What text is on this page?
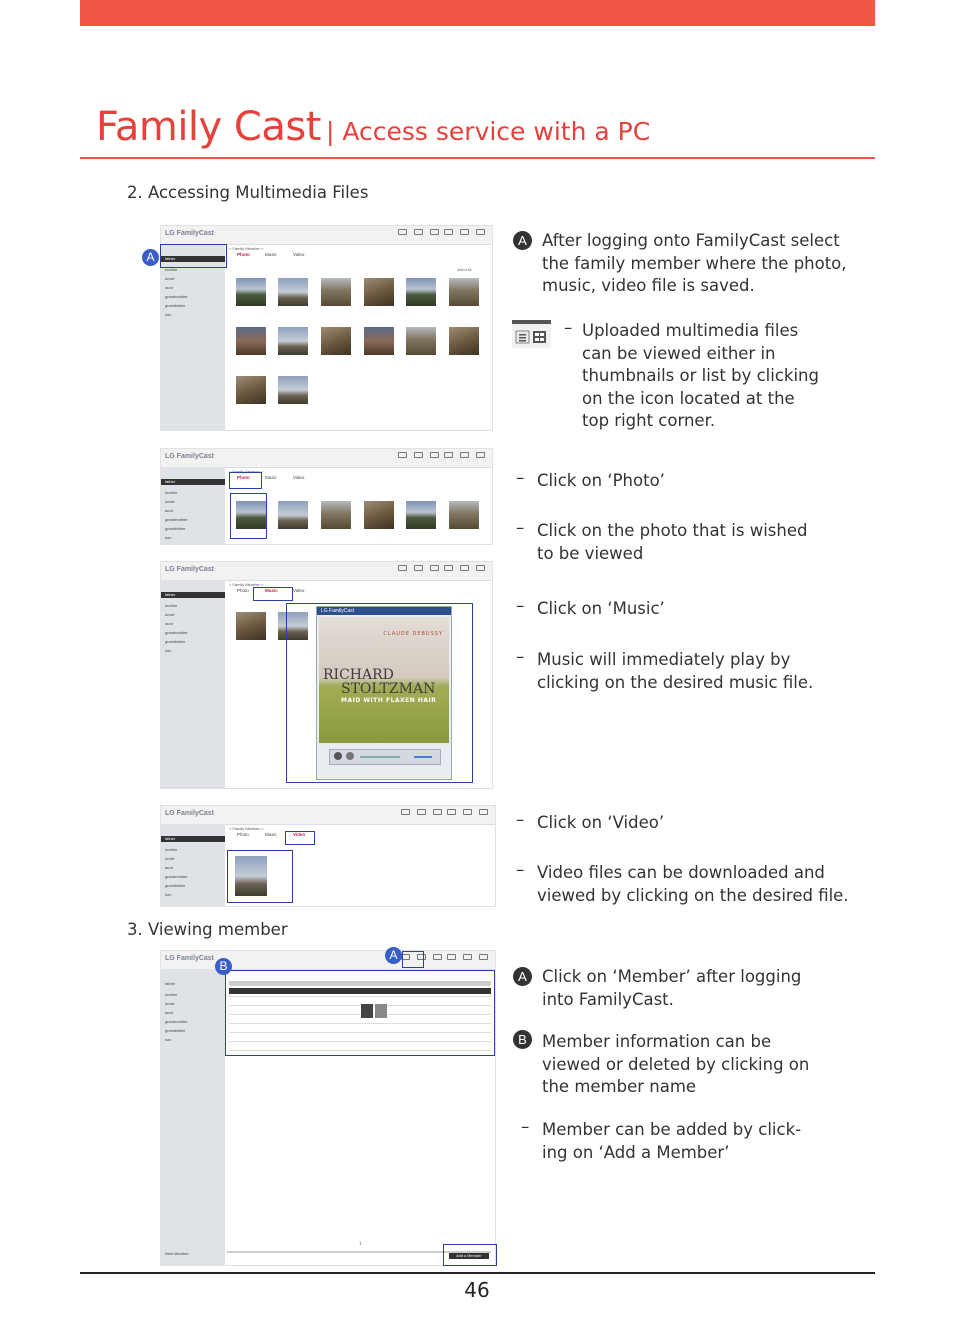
Family Cast | Access service with a PC
2. Accessing Multimedia Files
LG FamilyCast
father
mother
uncle
aunt
grandmother
grandfather
son
> Family Member >
Photo	Music	Video
Select All
A
A After logging onto FamilyCast select
the family member where the photo,
music, video file is saved.
– Uploaded multimedia files
can be viewed either in
thumbnails or list by clicking
on the icon located at the
top right corner.
LG FamilyCast
father
mother
uncle
aunt
grandmother
grandfather
son
> Family Member >
Photo	Music	Video	– Click on ‘Photo’
– Click on the photo that is wished
to be viewed
LG FamilyCast
father
mother
uncle
aunt
grandmother
grandfather
son
> Family Member >
Photo	Music	Video
LG FamilyCast
CLAUDE DEBUSSY
RICHARD
STOLTZMAN
MAID WITH FLAXEN HAIR
– Click on ‘Music’
– Music will immediately play by
clicking on the desired music file.
LG FamilyCast
father
mother
uncle
aunt
grandmother
grandfather
son
> Family Member >
Photo	Music	Video
– Click on ‘Video’
– Video files can be downloaded and
viewed by clicking on the desired file.
3. Viewing member
LG FamilyCast
father
mother
uncle
aunt
grandmother
grandfather
son
New Member
1
Add a Member
A
B
A Click on ‘Member’ after logging
into FamilyCast.
B Member information can be
viewed or deleted by clicking on
the member name
– Member can be added by click-
ing on ‘Add a Member’
46
